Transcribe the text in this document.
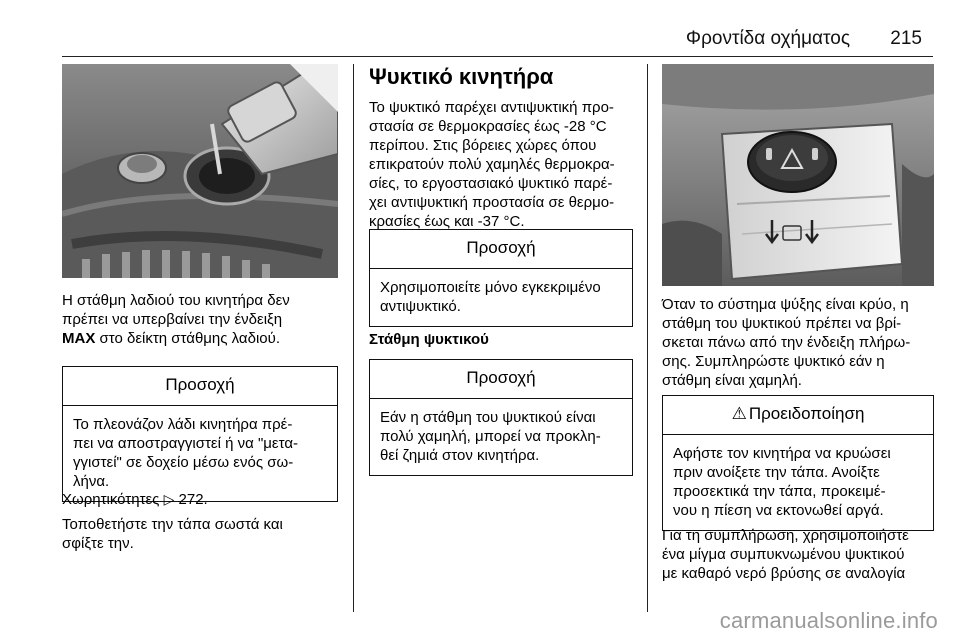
Φροντίδα οχήματος 215

Η στάθμη λαδιού του κινητήρα δεν

πρέπει να υπερβαίνει την ένδειξη

MAX στο δείκτη στάθμης λαδιού.

Προσοχή
Το πλεονάζον λάδι κινητήρα πρέ-
πει να αποστραγγιστεί ή να "μετα-
γγιστεί" σε δοχείο μέσω ενός σω-
λήνα.

Χωρητικότητες ▷ 272.

Τοποθετήστε την τάπα σωστά και

σφίξτε την.

Ψυκτικό κινητήρα

Το ψυκτικό παρέχει αντιψυκτική προ-

στασία σε θερμοκρασίες έως -28 °C

περίπου. Στις βόρειες χώρες όπου

επικρατούν πολύ χαμηλές θερμοκρα-

σίες, το εργοστασιακό ψυκτικό παρέ-

χει αντιψυκτική προστασία σε θερμο-

κρασίες έως και -37 °C.

Προσοχή
Χρησιμοποιείτε μόνο εγκεκριμένο
αντιψυκτικό.
Στάθμη ψυκτικού
Προσοχή
Εάν η στάθμη του ψυκτικού είναι
πολύ χαμηλή, μπορεί να προκλη-
θεί ζημιά στον κινητήρα.

Όταν το σύστημα ψύξης είναι κρύο, η

στάθμη του ψυκτικού πρέπει να βρί-

σκεται πάνω από την ένδειξη πλήρω-

σης. Συμπληρώστε ψυκτικό εάν η

στάθμη είναι χαμηλή.

⚠ Προειδοποίηση
Αφήστε τον κινητήρα να κρυώσει
πριν ανοίξετε την τάπα. Ανοίξτε
προσεκτικά την τάπα, προκειμέ-
νου η πίεση να εκτονωθεί αργά.

Για τη συμπλήρωση, χρησιμοποιήστε

ένα μίγμα συμπυκνωμένου ψυκτικού

με καθαρό νερό βρύσης σε αναλογία

carmanualsonline.info
